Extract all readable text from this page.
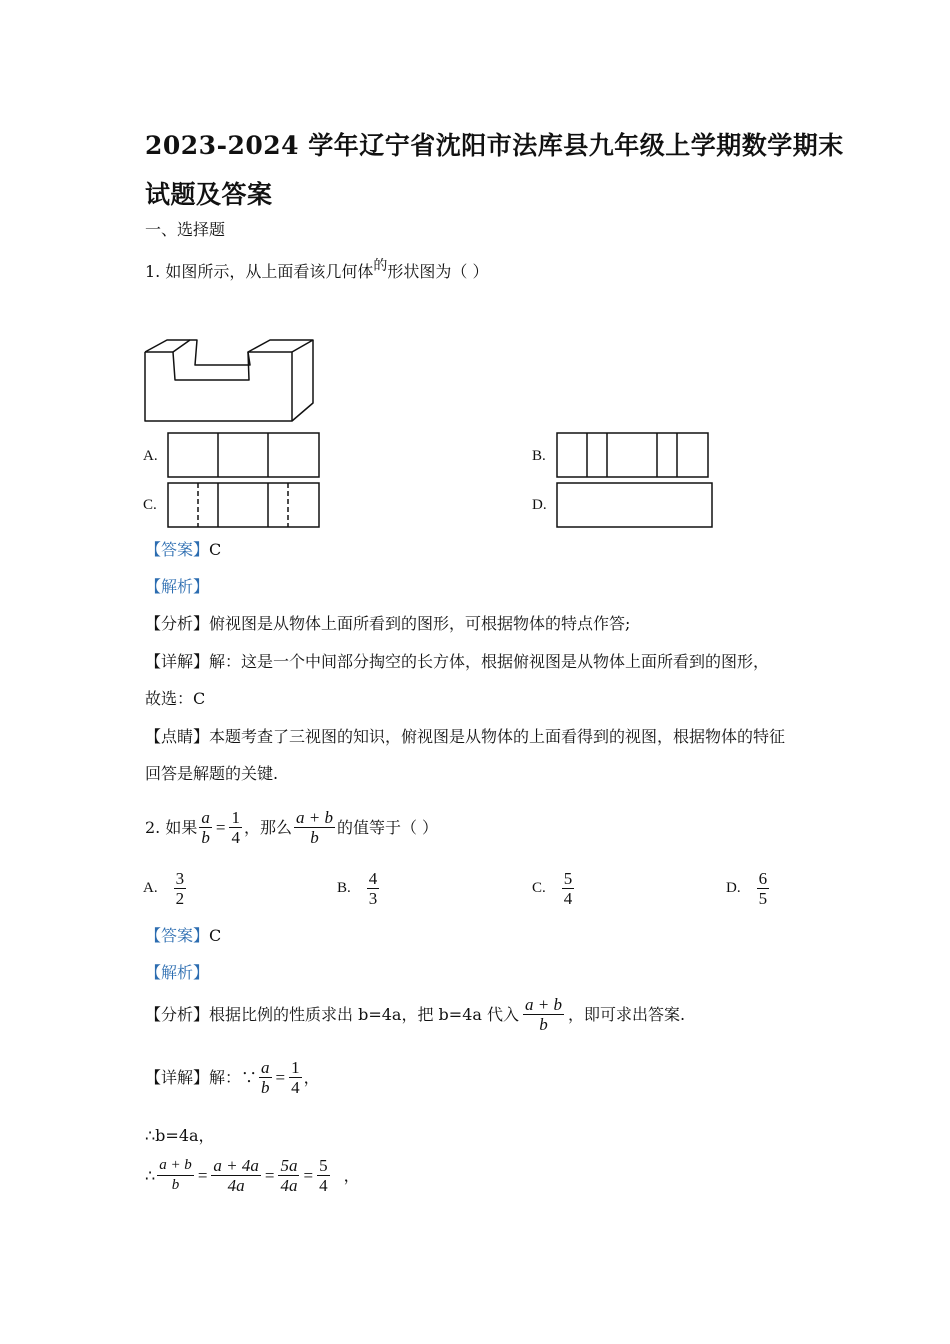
2023-2024 学年辽宁省沈阳市法库县九年级上学期数学期末
试题及答案
一、选择题
1. 如图所示，从上面看该几何体的形状图为（ ）
A.	B.
C.	D.
【答案】C
【解析】
【分析】俯视图是从物体上面所看到的图形，可根据物体的特点作答;
【详解】解：这是一个中间部分掏空的长方体，根据俯视图是从物体上面所看到的图形，
故选：C
【点睛】本题考查了三视图的知识，俯视图是从物体的上面看得到的视图，根据物体的特征
回答是解题的关键.
2. 如果 $\frac{a}{b} = \frac{1}{4}$ ，那么 $\frac{a + b}{b}$ 的值等于（ ）
A. $\frac{3}{2}$	B. $\frac{4}{3}$	C. $\frac{5}{4}$	D. $\frac{6}{5}$
【答案】C
【解析】
【分析】 根据比例的性质求出 b=4a，把 b=4a 代入 $\frac{a + b}{b}$ ，即可求出答案.
【详解】 解：∵ $\frac{a}{b} = \frac{1}{4}$ ，
∴b=4a，
∴ $\frac{a + b}{b} = \frac{a + 4a}{4a} = \frac{5a}{4a} = \frac{5}{4}$ ，
